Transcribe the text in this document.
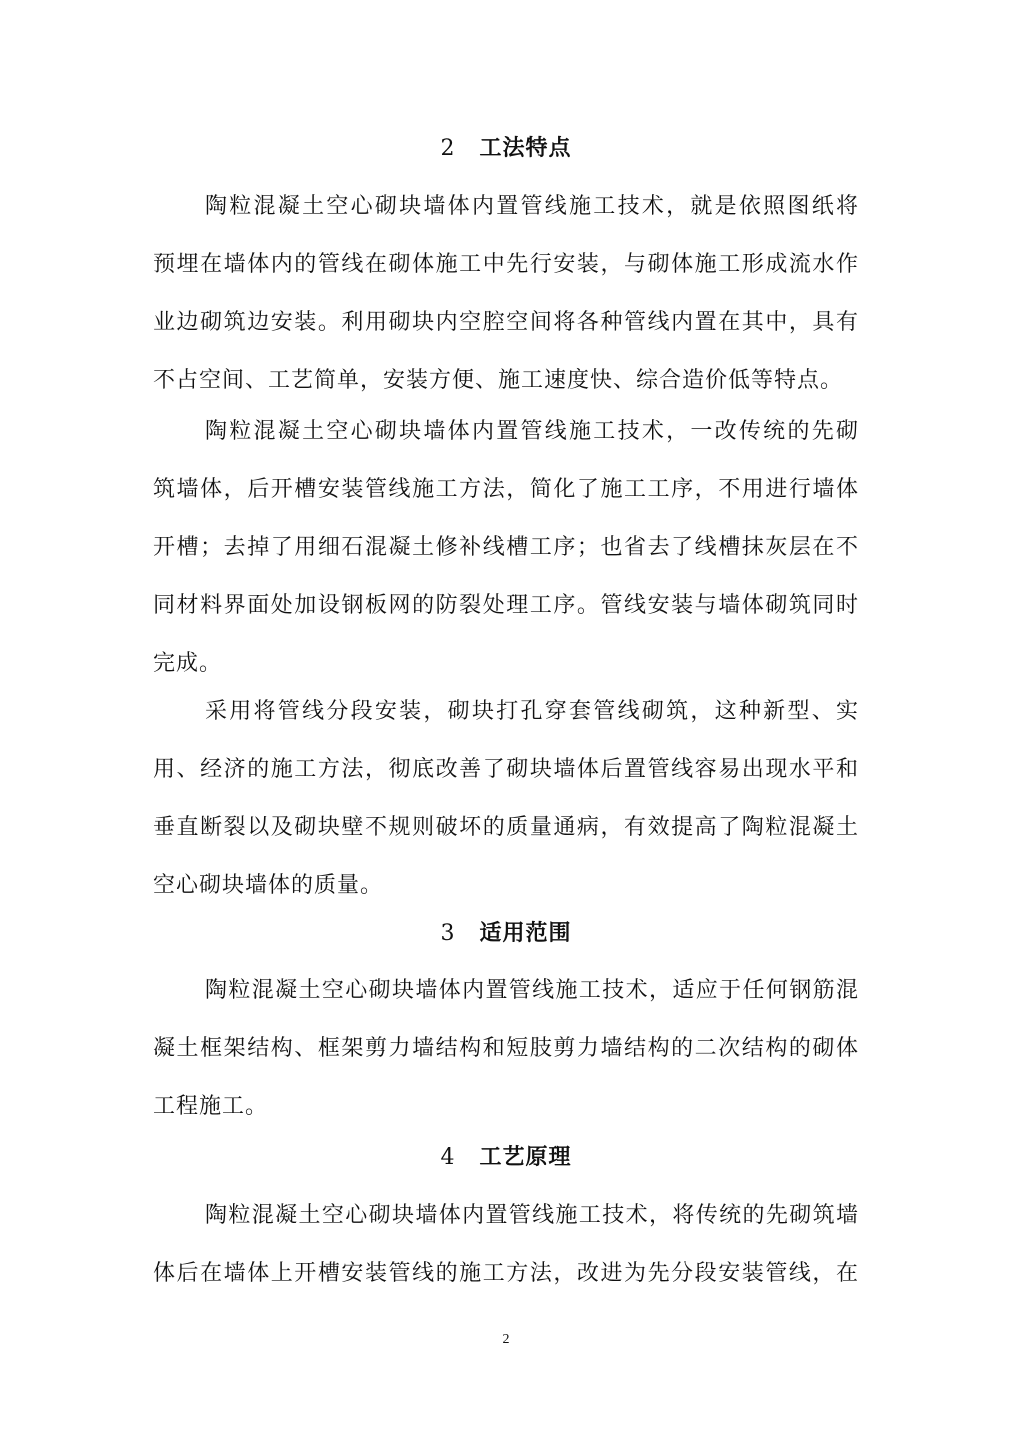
2 工法特点
陶粒混凝土空心砌块墙体内置管线施工技术，就是依照图纸将
预埋在墙体内的管线在砌体施工中先行安装，与砌体施工形成流水作
业边砌筑边安装。利用砌块内空腔空间将各种管线内置在其中，具有
不占空间、工艺简单，安装方便、施工速度快、综合造价低等特点。
陶粒混凝土空心砌块墙体内置管线施工技术，一改传统的先砌
筑墙体，后开槽安装管线施工方法，简化了施工工序，不用进行墙体
开槽；去掉了用细石混凝土修补线槽工序；也省去了线槽抹灰层在不
同材料界面处加设钢板网的防裂处理工序。管线安装与墙体砌筑同时
完成。
采用将管线分段安装，砌块打孔穿套管线砌筑，这种新型、实
用、经济的施工方法，彻底改善了砌块墙体后置管线容易出现水平和
垂直断裂以及砌块壁不规则破坏的质量通病，有效提高了陶粒混凝土
空心砌块墙体的质量。
3 适用范围
陶粒混凝土空心砌块墙体内置管线施工技术，适应于任何钢筋混
凝土框架结构、框架剪力墙结构和短肢剪力墙结构的二次结构的砌体
工程施工。
4 工艺原理
陶粒混凝土空心砌块墙体内置管线施工技术，将传统的先砌筑墙
体后在墙体上开槽安装管线的施工方法，改进为先分段安装管线，在
2
